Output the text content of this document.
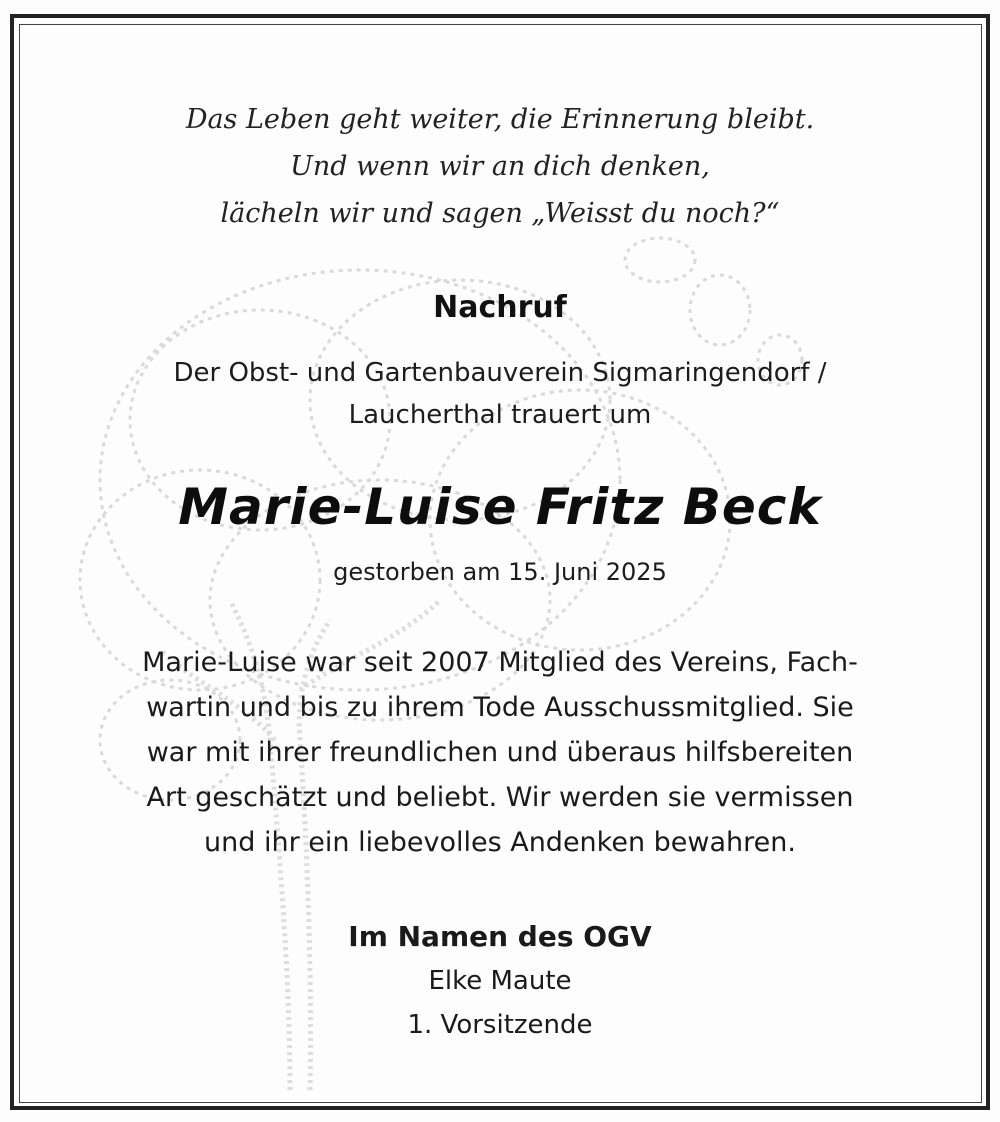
Das Leben geht weiter, die Erinnerung bleibt.
Und wenn wir an dich denken,
lächeln wir und sagen „Weisst du noch?“
Nachruf
Der Obst- und Gartenbauverein Sigmaringendorf /
Laucherthal trauert um
Marie-Luise Fritz Beck
gestorben am 15. Juni 2025
Marie-Luise war seit 2007 Mitglied des Vereins, Fach-
wartin und bis zu ihrem Tode Ausschussmitglied. Sie
war mit ihrer freundlichen und überaus hilfsbereiten
Art geschätzt und beliebt. Wir werden sie vermissen
und ihr ein liebevolles Andenken bewahren.
Im Namen des OGV
Elke Maute
1. Vorsitzende
